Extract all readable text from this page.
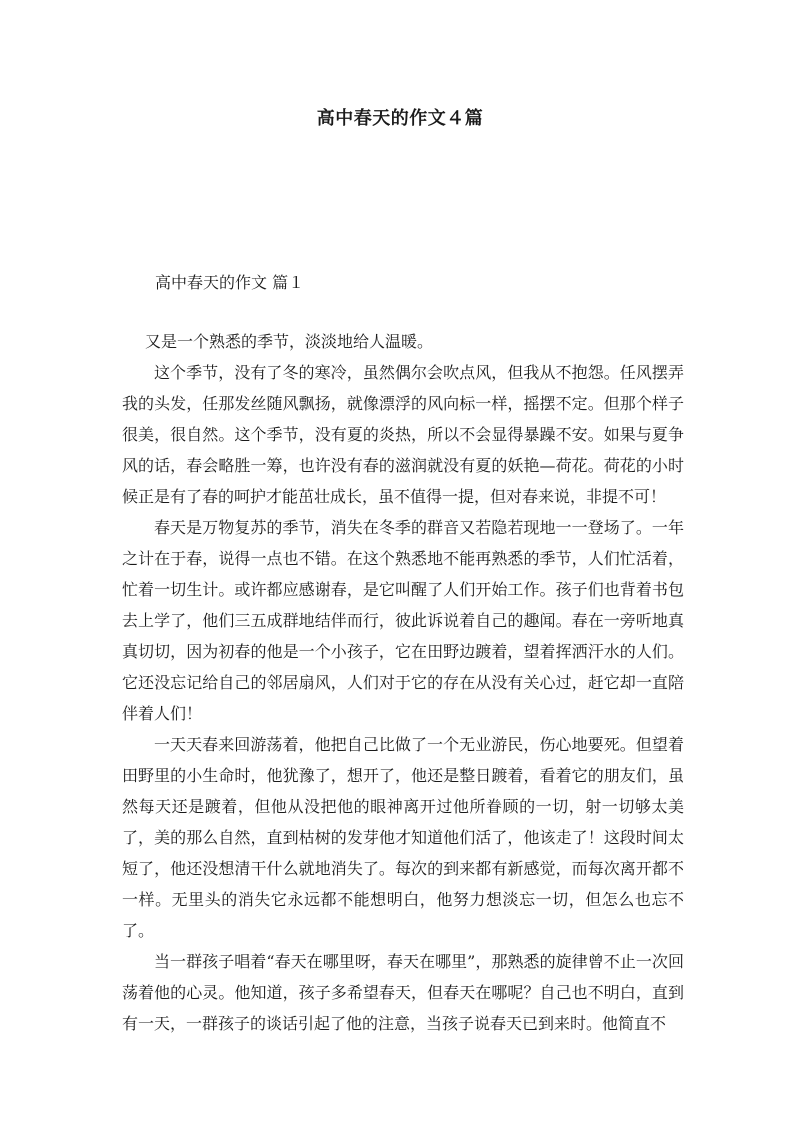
高中春天的作文４篇
高中春天的作文 篇１

又是一个熟悉的季节，淡淡地给人温暖。

这个季节，没有了冬的寒冷，虽然偶尔会吹点风，但我从不抱怨。任风摆弄我的头发，任那发丝随风飘扬，就像漂浮的风向标一样，摇摆不定。但那个样子很美，很自然。这个季节，没有夏的炎热，所以不会显得暴躁不安。如果与夏争风的话，春会略胜一筹，也许没有春的滋润就没有夏的妖艳—荷花。荷花的小时候正是有了春的呵护才能茁壮成长，虽不值得一提，但对春来说，非提不可！

春天是万物复苏的季节，消失在冬季的群音又若隐若现地一一登场了。一年之计在于春，说得一点也不错。在这个熟悉地不能再熟悉的季节，人们忙活着，忙着一切生计。或许都应感谢春，是它叫醒了人们开始工作。孩子们也背着书包去上学了，他们三五成群地结伴而行，彼此诉说着自己的趣闻。春在一旁听地真真切切，因为初春的他是一个小孩子，它在田野边踱着，望着挥洒汗水的人们。它还没忘记给自己的邻居扇风，人们对于它的存在从没有关心过，赶它却一直陪伴着人们！

一天天春来回游荡着，他把自己比做了一个无业游民，伤心地要死。但望着田野里的小生命时，他犹豫了，想开了，他还是整日踱着，看着它的朋友们，虽然每天还是踱着，但他从没把他的眼神离开过他所眷顾的一切，射一切够太美了，美的那么自然，直到枯树的发芽他才知道他们活了，他该走了！这段时间太短了，他还没想清干什么就地消失了。每次的到来都有新感觉，而每次离开都不一样。无里头的消失它永远都不能想明白，他努力想淡忘一切，但怎么也忘不了。

当一群孩子唱着“春天在哪里呀，春天在哪里”，那熟悉的旋律曾不止一次回荡着他的心灵。他知道，孩子多希望春天，但春天在哪呢？自己也不明白，直到有一天，一群孩子的谈话引起了他的注意，当孩子说春天已到来时。他简直不
